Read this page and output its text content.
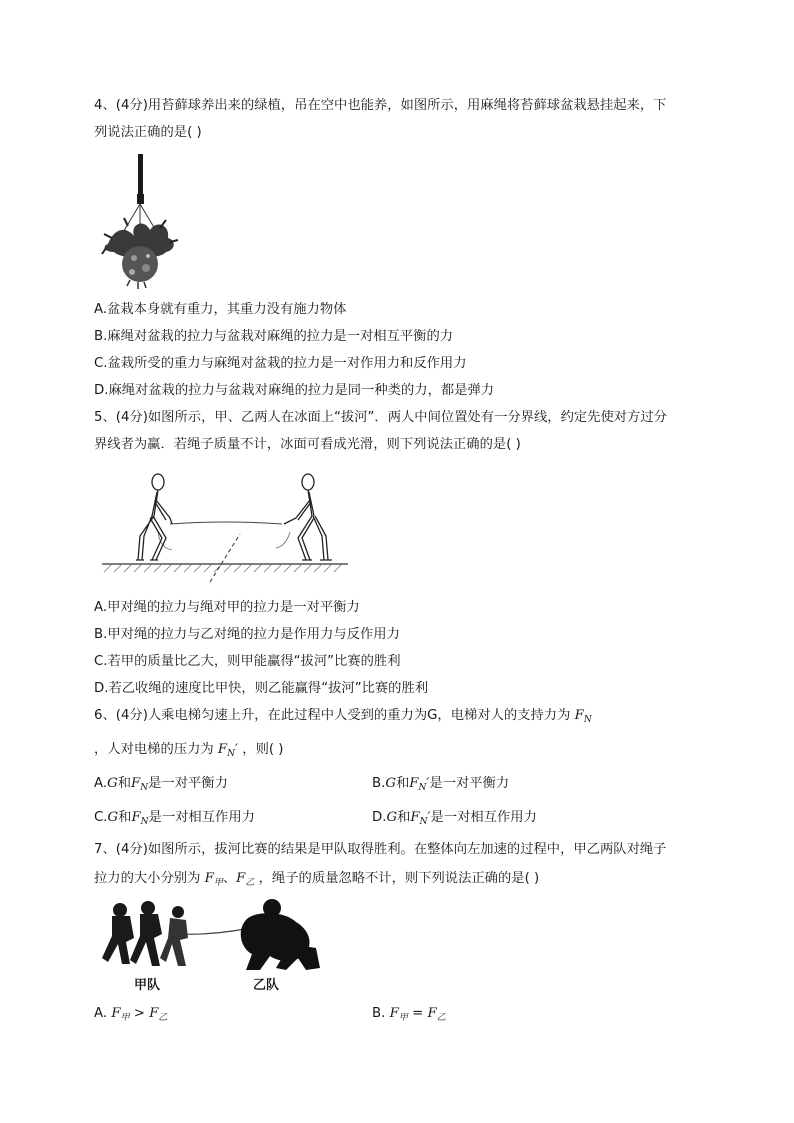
4、(4分)用苔藓球养出来的绿植，吊在空中也能养，如图所示，用麻绳将苔藓球盆栽悬挂起来，下
列说法正确的是( )
A.盆栽本身就有重力，其重力没有施力物体
B.麻绳对盆栽的拉力与盆栽对麻绳的拉力是一对相互平衡的力
C.盆栽所受的重力与麻绳对盆栽的拉力是一对作用力和反作用力
D.麻绳对盆栽的拉力与盆栽对麻绳的拉力是同一种类的力，都是弹力
5、(4分)如图所示，甲、乙两人在冰面上“拔河”．两人中间位置处有一分界线，约定先使对方过分
界线者为赢．若绳子质量不计，冰面可看成光滑，则下列说法正确的是( )
A.甲对绳的拉力与绳对甲的拉力是一对平衡力
B.甲对绳的拉力与乙对绳的拉力是作用力与反作用力
C.若甲的质量比乙大，则甲能赢得“拔河”比赛的胜利
D.若乙收绳的速度比甲快，则乙能赢得“拔河”比赛的胜利
6、(4分)人乘电梯匀速上升，在此过程中人受到的重力为G，电梯对人的支持力为 $F_N$
，人对电梯的压力为 $F_N'$ ，则( )
A.G和$F_N$是一对平衡力	B.G和$F_N'$是一对平衡力
C.G和$F_N$是一对相互作用力	D.G和$F_N'$是一对相互作用力
7、(4分)如图所示，拔河比赛的结果是甲队取得胜利。在整体向左加速的过程中，甲乙两队对绳子
拉力的大小分别为 $F_甲$、$F_乙$ ，绳子的质量忽略不计，则下列说法正确的是( )
甲队	乙队
A. $F_甲 > F_乙$	B. $F_甲 = F_乙$
